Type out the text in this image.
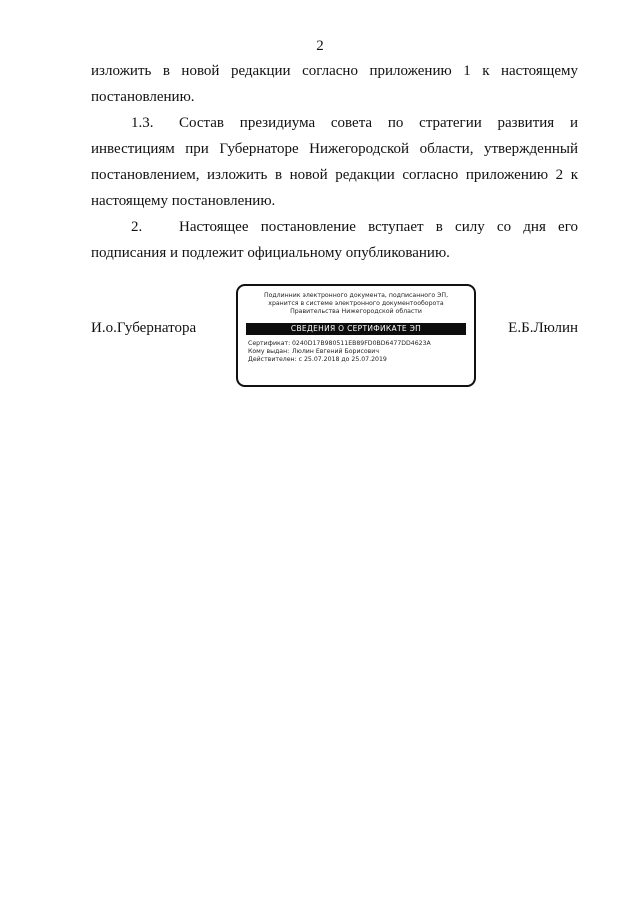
2

изложить в новой редакции согласно приложению 1 к настоящему постановлению.

1.3. Состав президиума совета по стратегии развития и инвестициям при Губернаторе Нижегородской области, утвержденный постановлением, изложить в новой редакции согласно приложению 2 к настоящему постановлению.

2. Настоящее постановление вступает в силу со дня его подписания и подлежит официальному опубликованию.

И.о.Губернатора
Подлинник электронного документа, подписанного ЭП,
хранится в системе электронного документооборота
Правительства Нижегородской области
СВЕДЕНИЯ О СЕРТИФИКАТЕ ЭП
Сертификат: 0240D17B980511EB89FD0BD6477DD4623A
Кому выдан: Люлин Евгений Борисович
Действителен: с 25.07.2018 до 25.07.2019
Е.Б.Люлин
